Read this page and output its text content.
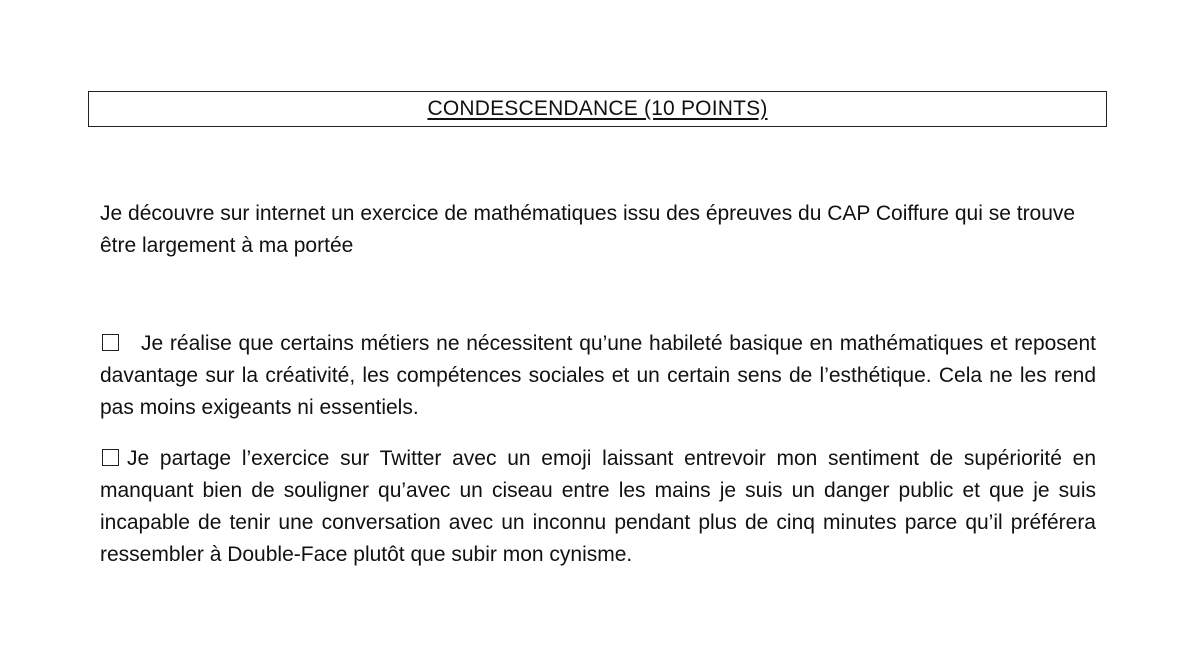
CONDESCENDANCE (10 POINTS)

Je découvre sur internet un exercice de mathématiques issu des épreuves du CAP Coiffure qui se trouve être largement à ma portée

Je réalise que certains métiers ne nécessitent qu’une habileté basique en mathématiques et reposent davantage sur la créativité, les compétences sociales et un certain sens de l’esthétique. Cela ne les rend pas moins exigeants ni essentiels.

Je partage l’exercice sur Twitter avec un emoji laissant entrevoir mon sentiment de supériorité en manquant bien de souligner qu’avec un ciseau entre les mains je suis un danger public et que je suis incapable de tenir une conversation avec un inconnu pendant plus de cinq minutes parce qu’il préférera ressembler à Double-Face plutôt que subir mon cynisme.
